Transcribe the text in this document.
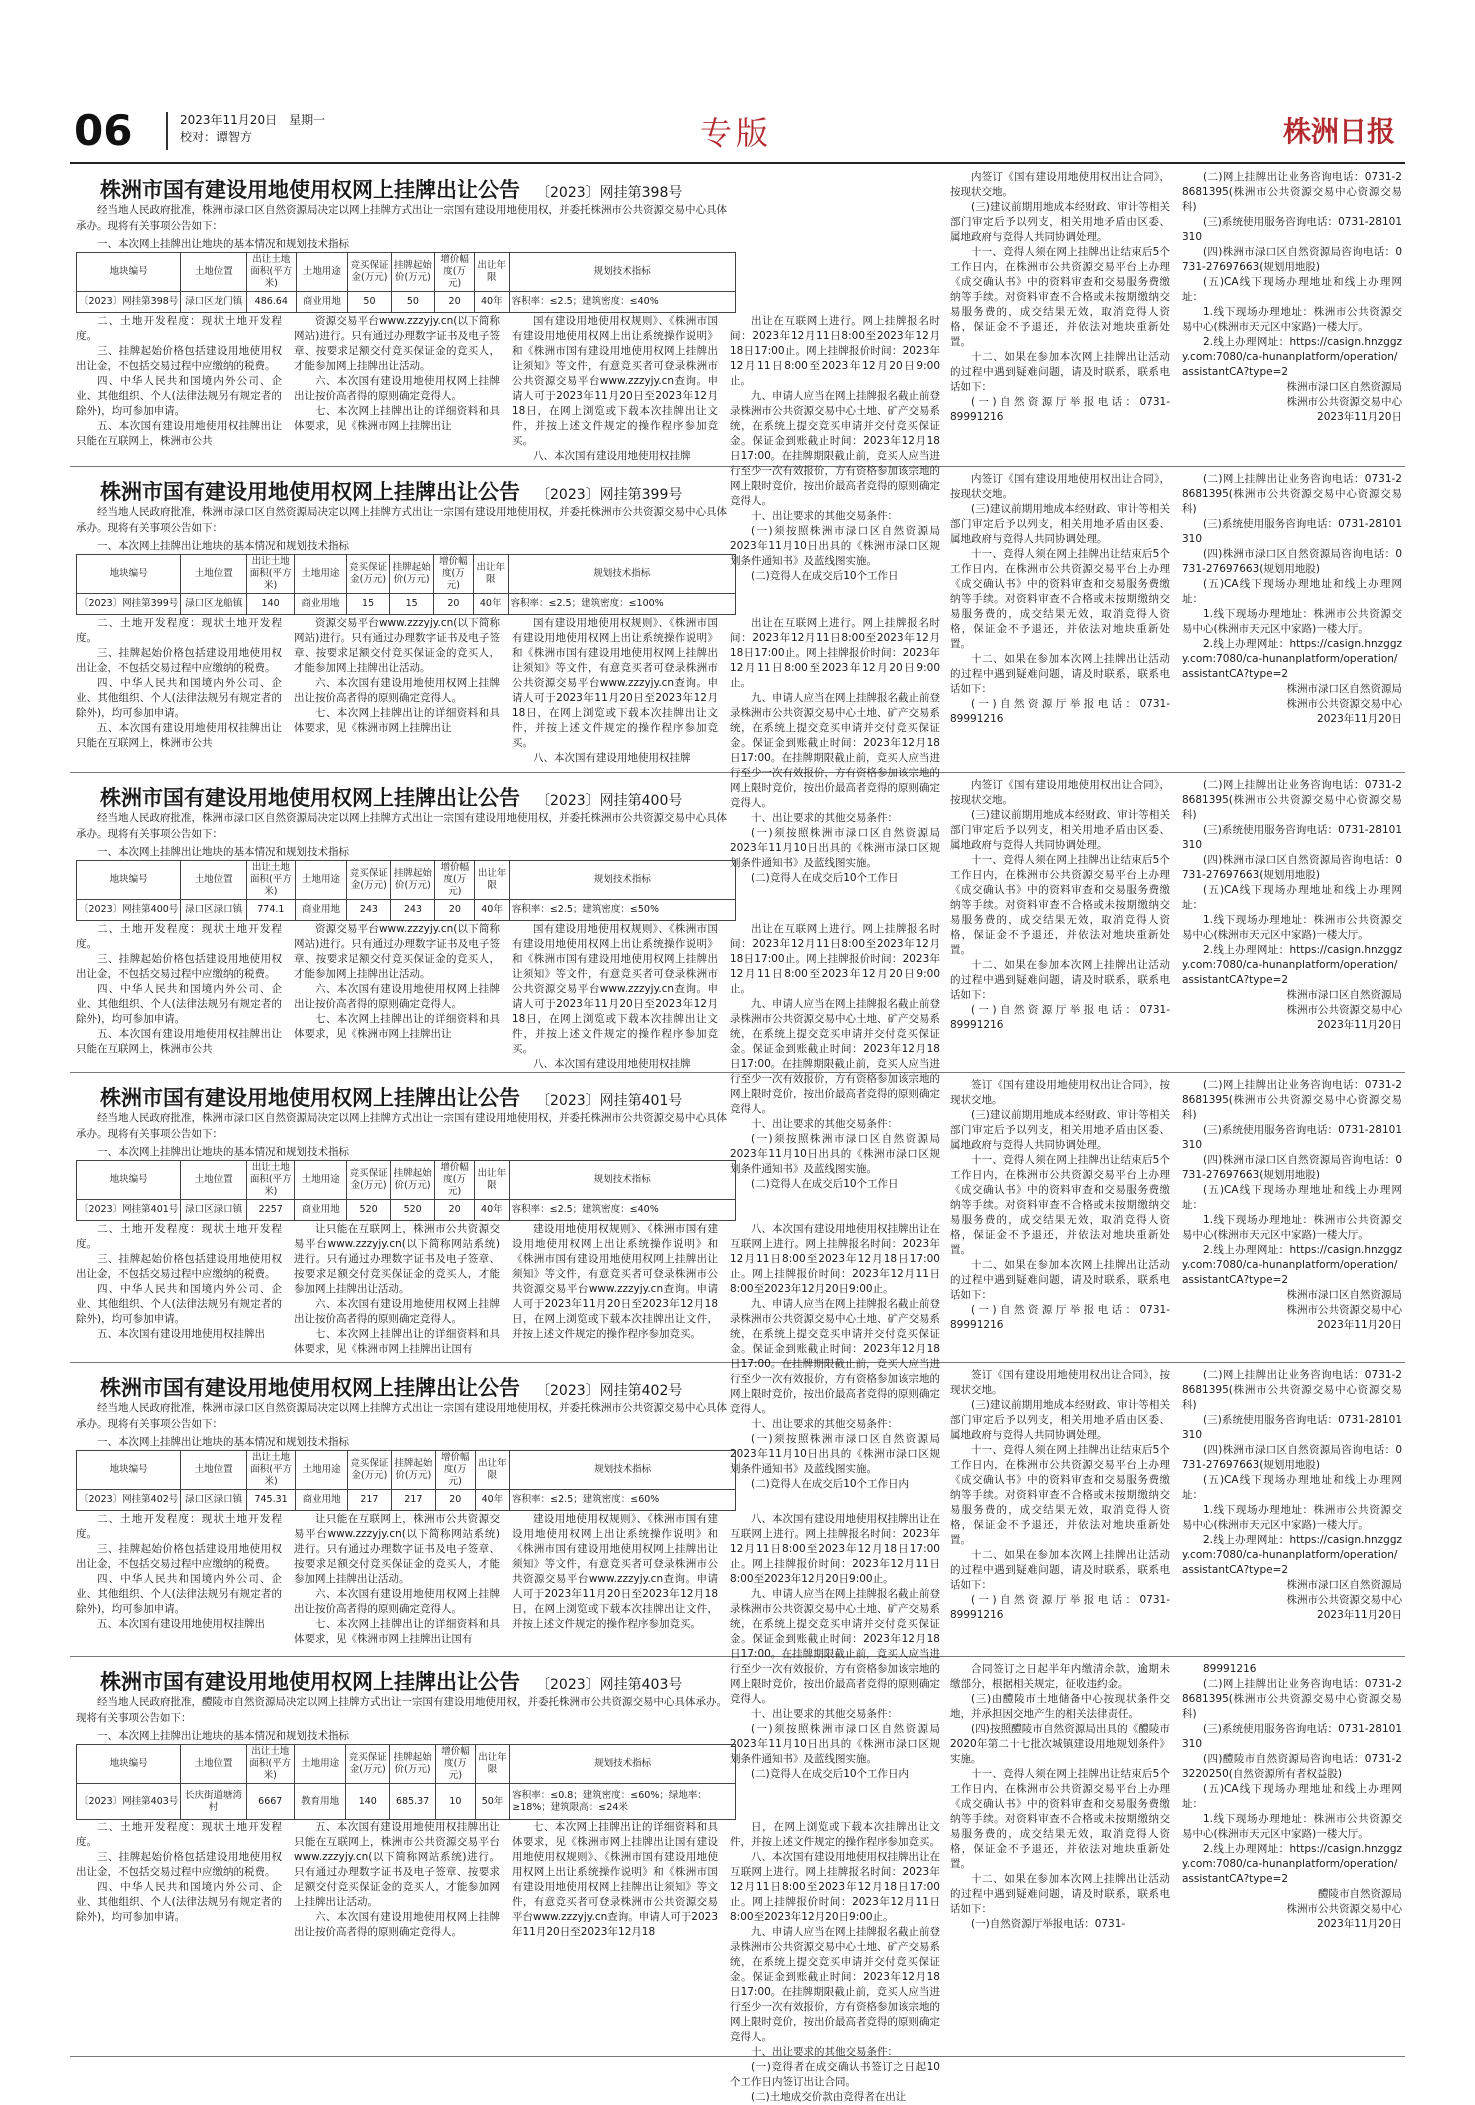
06	2023年11月20日　星期一
校对：谭智方	专版	株洲日报
株洲市国有建设用地使用权网上挂牌出让公告 〔2023〕网挂第398号
经当地人民政府批准，株洲市渌口区自然资源局决定以网上挂牌方式出让一宗国有建设用地使用权，并委托株洲市公共资源交易中心具体承办。现将有关事项公告如下：
一、本次网上挂牌出让地块的基本情况和规划技术指标
地块编号	土地位置	出让土地面积(平方米)	土地用途	竞买保证金(万元)	挂牌起始价(万元)	增价幅度(万元)	出让年限	规划技术指标
〔2023〕网挂第398号	渌口区龙门镇	486.64	商业用地	50	50	20	40年	容积率：≤2.5；建筑密度：≤40%
二、土地开发程度：现状土地开发程度。
三、挂牌起始价格包括建设用地使用权出让金，不包括交易过程中应缴纳的税费。
四、中华人民共和国境内外公司、企业、其他组织、个人(法律法规另有规定者的除外)，均可参加申请。
五、本次国有建设用地使用权挂牌出让只能在互联网上，株洲市公共
资源交易平台www.zzzyjy.cn(以下简称网站)进行。只有通过办理数字证书及电子签章、按要求足额交付竞买保证金的竞买人，才能参加网上挂牌出让活动。
六、本次国有建设用地使用权网上挂牌出让按价高者得的原则确定竞得人。
七、本次网上挂牌出让的详细资料和具体要求，见《株洲市网上挂牌出让
国有建设用地使用权规则》、《株洲市国有建设用地使用权网上出让系统操作说明》和《株洲市国有建设用地使用权网上挂牌出让须知》等文件，有意竞买者可登录株洲市公共资源交易平台www.zzzyjy.cn查询。申请人可于2023年11月20日至2023年12月18日，在网上浏览或下载本次挂牌出让文件，并按上述文件规定的操作程序参加竞买。
八、本次国有建设用地使用权挂牌
出让在互联网上进行。网上挂牌报名时间：2023年12月11日8:00至2023年12月18日17:00止。网上挂牌报价时间：2023年12月11日8:00至2023年12月20日9:00止。
九、申请人应当在网上挂牌报名截止前登录株洲市公共资源交易中心土地、矿产交易系统，在系统上提交竞买申请并交付竞买保证金。保证金到账截止时间：2023年12月18日17:00。在挂牌期限截止前，竞买人应当进行至少一次有效报价，方有资格参加该宗地的网上限时竞价，按出价最高者竞得的原则确定竞得人。
十、出让要求的其他交易条件：
(一)须按照株洲市渌口区自然资源局2023年11月10日出具的《株洲市渌口区规划条件通知书》及蓝线图实施。
(二)竞得人在成交后10个工作日
内签订《国有建设用地使用权出让合同》，按现状交地。
(三)建议前期用地成本经财政、审计等相关部门审定后予以列支，相关用地矛盾由区委、属地政府与竞得人共同协调处理。
十一、竞得人须在网上挂牌出让结束后5个工作日内，在株洲市公共资源交易平台上办理《成交确认书》中的资料审查和交易服务费缴纳等手续。对资料审查不合格或未按期缴纳交易服务费的，成交结果无效，取消竞得人资格，保证金不予退还，并依法对地块重新处置。
十二、如果在参加本次网上挂牌出让活动的过程中遇到疑难问题，请及时联系，联系电话如下：
(一)自然资源厅举报电话：0731-89991216
(二)网上挂牌出让业务咨询电话：0731-28681395(株洲市公共资源交易中心资源交易科)
(三)系统使用服务咨询电话：0731-28101310
(四)株洲市渌口区自然资源局咨询电话：0731-27697663(规划用地股)
(五)CA线下现场办理地址和线上办理网址：
1.线下现场办理地址：株洲市公共资源交易中心(株洲市天元区中家路)一楼大厅。
2.线上办理网址：https://casign.hnzggzy.com:7080/ca-hunanplatform/operation/assistantCA?type=2
株洲市渌口区自然资源局
株洲市公共资源交易中心
2023年11月20日
株洲市国有建设用地使用权网上挂牌出让公告 〔2023〕网挂第399号
经当地人民政府批准，株洲市渌口区自然资源局决定以网上挂牌方式出让一宗国有建设用地使用权，并委托株洲市公共资源交易中心具体承办。现将有关事项公告如下：
一、本次网上挂牌出让地块的基本情况和规划技术指标
地块编号	土地位置	出让土地面积(平方米)	土地用途	竞买保证金(万元)	挂牌起始价(万元)	增价幅度(万元)	出让年限	规划技术指标
〔2023〕网挂第399号	渌口区龙船镇	140	商业用地	15	15	20	40年	容积率：≤2.5；建筑密度：≤100%
二、土地开发程度：现状土地开发程度。
三、挂牌起始价格包括建设用地使用权出让金，不包括交易过程中应缴纳的税费。
四、中华人民共和国境内外公司、企业、其他组织、个人(法律法规另有规定者的除外)，均可参加申请。
五、本次国有建设用地使用权挂牌出让只能在互联网上，株洲市公共
资源交易平台www.zzzyjy.cn(以下简称网站)进行。只有通过办理数字证书及电子签章、按要求足额交付竞买保证金的竞买人，才能参加网上挂牌出让活动。
六、本次国有建设用地使用权网上挂牌出让按价高者得的原则确定竞得人。
七、本次网上挂牌出让的详细资料和具体要求，见《株洲市网上挂牌出让
国有建设用地使用权规则》、《株洲市国有建设用地使用权网上出让系统操作说明》和《株洲市国有建设用地使用权网上挂牌出让须知》等文件，有意竞买者可登录株洲市公共资源交易平台www.zzzyjy.cn查询。申请人可于2023年11月20日至2023年12月18日，在网上浏览或下载本次挂牌出让文件，并按上述文件规定的操作程序参加竞买。
八、本次国有建设用地使用权挂牌
出让在互联网上进行。网上挂牌报名时间：2023年12月11日8:00至2023年12月18日17:00止。网上挂牌报价时间：2023年12月11日8:00至2023年12月20日9:00止。
九、申请人应当在网上挂牌报名截止前登录株洲市公共资源交易中心土地、矿产交易系统，在系统上提交竞买申请并交付竞买保证金。保证金到账截止时间：2023年12月18日17:00。在挂牌期限截止前，竞买人应当进行至少一次有效报价，方有资格参加该宗地的网上限时竞价，按出价最高者竞得的原则确定竞得人。
十、出让要求的其他交易条件：
(一)须按照株洲市渌口区自然资源局2023年11月10日出具的《株洲市渌口区规划条件通知书》及蓝线图实施。
(二)竞得人在成交后10个工作日
内签订《国有建设用地使用权出让合同》，按现状交地。
(三)建议前期用地成本经财政、审计等相关部门审定后予以列支，相关用地矛盾由区委、属地政府与竞得人共同协调处理。
十一、竞得人须在网上挂牌出让结束后5个工作日内，在株洲市公共资源交易平台上办理《成交确认书》中的资料审查和交易服务费缴纳等手续。对资料审查不合格或未按期缴纳交易服务费的，成交结果无效，取消竞得人资格，保证金不予退还，并依法对地块重新处置。
十二、如果在参加本次网上挂牌出让活动的过程中遇到疑难问题，请及时联系，联系电话如下：
(一)自然资源厅举报电话：0731-89991216
(二)网上挂牌出让业务咨询电话：0731-28681395(株洲市公共资源交易中心资源交易科)
(三)系统使用服务咨询电话：0731-28101310
(四)株洲市渌口区自然资源局咨询电话：0731-27697663(规划用地股)
(五)CA线下现场办理地址和线上办理网址：
1.线下现场办理地址：株洲市公共资源交易中心(株洲市天元区中家路)一楼大厅。
2.线上办理网址：https://casign.hnzggzy.com:7080/ca-hunanplatform/operation/assistantCA?type=2
株洲市渌口区自然资源局
株洲市公共资源交易中心
2023年11月20日
株洲市国有建设用地使用权网上挂牌出让公告 〔2023〕网挂第400号
经当地人民政府批准，株洲市渌口区自然资源局决定以网上挂牌方式出让一宗国有建设用地使用权，并委托株洲市公共资源交易中心具体承办。现将有关事项公告如下：
一、本次网上挂牌出让地块的基本情况和规划技术指标
地块编号	土地位置	出让土地面积(平方米)	土地用途	竞买保证金(万元)	挂牌起始价(万元)	增价幅度(万元)	出让年限	规划技术指标
〔2023〕网挂第400号	渌口区渌口镇	774.1	商业用地	243	243	20	40年	容积率：≤2.5；建筑密度：≤50%
二、土地开发程度：现状土地开发程度。
三、挂牌起始价格包括建设用地使用权出让金，不包括交易过程中应缴纳的税费。
四、中华人民共和国境内外公司、企业、其他组织、个人(法律法规另有规定者的除外)，均可参加申请。
五、本次国有建设用地使用权挂牌出让只能在互联网上，株洲市公共
资源交易平台www.zzzyjy.cn(以下简称网站)进行。只有通过办理数字证书及电子签章、按要求足额交付竞买保证金的竞买人，才能参加网上挂牌出让活动。
六、本次国有建设用地使用权网上挂牌出让按价高者得的原则确定竞得人。
七、本次网上挂牌出让的详细资料和具体要求，见《株洲市网上挂牌出让
国有建设用地使用权规则》、《株洲市国有建设用地使用权网上出让系统操作说明》和《株洲市国有建设用地使用权网上挂牌出让须知》等文件，有意竞买者可登录株洲市公共资源交易平台www.zzzyjy.cn查询。申请人可于2023年11月20日至2023年12月18日，在网上浏览或下载本次挂牌出让文件，并按上述文件规定的操作程序参加竞买。
八、本次国有建设用地使用权挂牌
出让在互联网上进行。网上挂牌报名时间：2023年12月11日8:00至2023年12月18日17:00止。网上挂牌报价时间：2023年12月11日8:00至2023年12月20日9:00止。
九、申请人应当在网上挂牌报名截止前登录株洲市公共资源交易中心土地、矿产交易系统，在系统上提交竞买申请并交付竞买保证金。保证金到账截止时间：2023年12月18日17:00。在挂牌期限截止前，竞买人应当进行至少一次有效报价，方有资格参加该宗地的网上限时竞价，按出价最高者竞得的原则确定竞得人。
十、出让要求的其他交易条件：
(一)须按照株洲市渌口区自然资源局2023年11月10日出具的《株洲市渌口区规划条件通知书》及蓝线图实施。
(二)竞得人在成交后10个工作日
内签订《国有建设用地使用权出让合同》，按现状交地。
(三)建议前期用地成本经财政、审计等相关部门审定后予以列支，相关用地矛盾由区委、属地政府与竞得人共同协调处理。
十一、竞得人须在网上挂牌出让结束后5个工作日内，在株洲市公共资源交易平台上办理《成交确认书》中的资料审查和交易服务费缴纳等手续。对资料审查不合格或未按期缴纳交易服务费的，成交结果无效，取消竞得人资格，保证金不予退还，并依法对地块重新处置。
十二、如果在参加本次网上挂牌出让活动的过程中遇到疑难问题，请及时联系，联系电话如下：
(一)自然资源厅举报电话：0731-89991216
(二)网上挂牌出让业务咨询电话：0731-28681395(株洲市公共资源交易中心资源交易科)
(三)系统使用服务咨询电话：0731-28101310
(四)株洲市渌口区自然资源局咨询电话：0731-27697663(规划用地股)
(五)CA线下现场办理地址和线上办理网址：
1.线下现场办理地址：株洲市公共资源交易中心(株洲市天元区中家路)一楼大厅。
2.线上办理网址：https://casign.hnzggzy.com:7080/ca-hunanplatform/operation/assistantCA?type=2
株洲市渌口区自然资源局
株洲市公共资源交易中心
2023年11月20日
株洲市国有建设用地使用权网上挂牌出让公告 〔2023〕网挂第401号
经当地人民政府批准，株洲市渌口区自然资源局决定以网上挂牌方式出让一宗国有建设用地使用权，并委托株洲市公共资源交易中心具体承办。现将有关事项公告如下：
一、本次网上挂牌出让地块的基本情况和规划技术指标
地块编号	土地位置	出让土地面积(平方米)	土地用途	竞买保证金(万元)	挂牌起始价(万元)	增价幅度(万元)	出让年限	规划技术指标
〔2023〕网挂第401号	渌口区渌口镇	2257	商业用地	520	520	20	40年	容积率：≤2.5；建筑密度：≤40%
二、土地开发程度：现状土地开发程度。
三、挂牌起始价格包括建设用地使用权出让金，不包括交易过程中应缴纳的税费。
四、中华人民共和国境内外公司、企业、其他组织、个人(法律法规另有规定者的除外)，均可参加申请。
五、本次国有建设用地使用权挂牌出
让只能在互联网上，株洲市公共资源交易平台www.zzzyjy.cn(以下简称网站系统)进行。只有通过办理数字证书及电子签章、按要求足额交付竞买保证金的竞买人，才能参加网上挂牌出让活动。
六、本次国有建设用地使用权网上挂牌出让按价高者得的原则确定竞得人。
七、本次网上挂牌出让的详细资料和具体要求，见《株洲市网上挂牌出让国有
建设用地使用权规则》、《株洲市国有建设用地使用权网上出让系统操作说明》和《株洲市国有建设用地使用权网上挂牌出让须知》等文件，有意竞买者可登录株洲市公共资源交易平台www.zzzyjy.cn查询。申请人可于2023年11月20日至2023年12月18日，在网上浏览或下载本次挂牌出让文件，并按上述文件规定的操作程序参加竞买。
八、本次国有建设用地使用权挂牌出让在互联网上进行。网上挂牌报名时间：2023年12月11日8:00至2023年12月18日17:00止。网上挂牌报价时间：2023年12月11日8:00至2023年12月20日9:00止。
九、申请人应当在网上挂牌报名截止前登录株洲市公共资源交易中心土地、矿产交易系统，在系统上提交竞买申请并交付竞买保证金。保证金到账截止时间：2023年12月18日17:00。在挂牌期限截止前，竞买人应当进行至少一次有效报价，方有资格参加该宗地的网上限时竞价，按出价最高者竞得的原则确定竞得人。
十、出让要求的其他交易条件：
(一)须按照株洲市渌口区自然资源局2023年11月10日出具的《株洲市渌口区规划条件通知书》及蓝线图实施。
(二)竞得人在成交后10个工作日内
签订《国有建设用地使用权出让合同》，按现状交地。
(三)建议前期用地成本经财政、审计等相关部门审定后予以列支，相关用地矛盾由区委、属地政府与竞得人共同协调处理。
十一、竞得人须在网上挂牌出让结束后5个工作日内，在株洲市公共资源交易平台上办理《成交确认书》中的资料审查和交易服务费缴纳等手续。对资料审查不合格或未按期缴纳交易服务费的，成交结果无效，取消竞得人资格，保证金不予退还，并依法对地块重新处置。
十二、如果在参加本次网上挂牌出让活动的过程中遇到疑难问题，请及时联系，联系电话如下：
(一)自然资源厅举报电话：0731-89991216
(二)网上挂牌出让业务咨询电话：0731-28681395(株洲市公共资源交易中心资源交易科)
(三)系统使用服务咨询电话：0731-28101310
(四)株洲市渌口区自然资源局咨询电话：0731-27697663(规划用地股)
(五)CA线下现场办理地址和线上办理网址：
1.线下现场办理地址：株洲市公共资源交易中心(株洲市天元区中家路)一楼大厅。
2.线上办理网址：https://casign.hnzggzy.com:7080/ca-hunanplatform/operation/assistantCA?type=2
株洲市渌口区自然资源局
株洲市公共资源交易中心
2023年11月20日
株洲市国有建设用地使用权网上挂牌出让公告 〔2023〕网挂第402号
经当地人民政府批准，株洲市渌口区自然资源局决定以网上挂牌方式出让一宗国有建设用地使用权，并委托株洲市公共资源交易中心具体承办。现将有关事项公告如下：
一、本次网上挂牌出让地块的基本情况和规划技术指标
地块编号	土地位置	出让土地面积(平方米)	土地用途	竞买保证金(万元)	挂牌起始价(万元)	增价幅度(万元)	出让年限	规划技术指标
〔2023〕网挂第402号	渌口区渌口镇	745.31	商业用地	217	217	20	40年	容积率：≤2.5；建筑密度：≤60%
二、土地开发程度：现状土地开发程度。
三、挂牌起始价格包括建设用地使用权出让金，不包括交易过程中应缴纳的税费。
四、中华人民共和国境内外公司、企业、其他组织、个人(法律法规另有规定者的除外)，均可参加申请。
五、本次国有建设用地使用权挂牌出
让只能在互联网上，株洲市公共资源交易平台www.zzzyjy.cn(以下简称网站系统)进行。只有通过办理数字证书及电子签章、按要求足额交付竞买保证金的竞买人，才能参加网上挂牌出让活动。
六、本次国有建设用地使用权网上挂牌出让按价高者得的原则确定竞得人。
七、本次网上挂牌出让的详细资料和具体要求，见《株洲市网上挂牌出让国有
建设用地使用权规则》、《株洲市国有建设用地使用权网上出让系统操作说明》和《株洲市国有建设用地使用权网上挂牌出让须知》等文件，有意竞买者可登录株洲市公共资源交易平台www.zzzyjy.cn查询。申请人可于2023年11月20日至2023年12月18日，在网上浏览或下载本次挂牌出让文件，并按上述文件规定的操作程序参加竞买。
八、本次国有建设用地使用权挂牌出让在互联网上进行。网上挂牌报名时间：2023年12月11日8:00至2023年12月18日17:00止。网上挂牌报价时间：2023年12月11日8:00至2023年12月20日9:00止。
九、申请人应当在网上挂牌报名截止前登录株洲市公共资源交易中心土地、矿产交易系统，在系统上提交竞买申请并交付竞买保证金。保证金到账截止时间：2023年12月18日17:00。在挂牌期限截止前，竞买人应当进行至少一次有效报价，方有资格参加该宗地的网上限时竞价，按出价最高者竞得的原则确定竞得人。
十、出让要求的其他交易条件：
(一)须按照株洲市渌口区自然资源局2023年11月10日出具的《株洲市渌口区规划条件通知书》及蓝线图实施。
(二)竞得人在成交后10个工作日内
签订《国有建设用地使用权出让合同》，按现状交地。
(三)建议前期用地成本经财政、审计等相关部门审定后予以列支，相关用地矛盾由区委、属地政府与竞得人共同协调处理。
十一、竞得人须在网上挂牌出让结束后5个工作日内，在株洲市公共资源交易平台上办理《成交确认书》中的资料审查和交易服务费缴纳等手续。对资料审查不合格或未按期缴纳交易服务费的，成交结果无效，取消竞得人资格，保证金不予退还，并依法对地块重新处置。
十二、如果在参加本次网上挂牌出让活动的过程中遇到疑难问题，请及时联系，联系电话如下：
(一)自然资源厅举报电话：0731-89991216
(二)网上挂牌出让业务咨询电话：0731-28681395(株洲市公共资源交易中心资源交易科)
(三)系统使用服务咨询电话：0731-28101310
(四)株洲市渌口区自然资源局咨询电话：0731-27697663(规划用地股)
(五)CA线下现场办理地址和线上办理网址：
1.线下现场办理地址：株洲市公共资源交易中心(株洲市天元区中家路)一楼大厅。
2.线上办理网址：https://casign.hnzggzy.com:7080/ca-hunanplatform/operation/assistantCA?type=2
株洲市渌口区自然资源局
株洲市公共资源交易中心
2023年11月20日
株洲市国有建设用地使用权网上挂牌出让公告 〔2023〕网挂第403号
经当地人民政府批准，醴陵市自然资源局决定以网上挂牌方式出让一宗国有建设用地使用权，并委托株洲市公共资源交易中心具体承办。现将有关事项公告如下：
一、本次网上挂牌出让地块的基本情况和规划技术指标
地块编号	土地位置	出让土地面积(平方米)	土地用途	竞买保证金(万元)	挂牌起始价(万元)	增价幅度(万元)	出让年限	规划技术指标
〔2023〕网挂第403号	长庆街道塘湾村	6667	教育用地	140	685.37	10	50年	容积率：≤0.8；建筑密度：≤60%；绿地率：≥18%；建筑限高：≤24米
二、土地开发程度：现状土地开发程度。
三、挂牌起始价格包括建设用地使用权出让金，不包括交易过程中应缴纳的税费。
四、中华人民共和国境内外公司、企业、其他组织、个人(法律法规另有规定者的除外)，均可参加申请。
五、本次国有建设用地使用权挂牌出让只能在互联网上，株洲市公共资源交易平台www.zzzyjy.cn(以下简称网站系统)进行。只有通过办理数字证书及电子签章、按要求足额交付竞买保证金的竞买人，才能参加网上挂牌出让活动。
六、本次国有建设用地使用权网上挂牌出让按价高者得的原则确定竞得人。
七、本次网上挂牌出让的详细资料和具体要求，见《株洲市网上挂牌出让国有建设用地使用权规则》、《株洲市国有建设用地使用权网上出让系统操作说明》和《株洲市国有建设用地使用权网上挂牌出让须知》等文件，有意竞买者可登录株洲市公共资源交易平台www.zzzyjy.cn查询。申请人可于2023年11月20日至2023年12月18
日，在网上浏览或下载本次挂牌出让文件，并按上述文件规定的操作程序参加竞买。
八、本次国有建设用地使用权挂牌出让在互联网上进行。网上挂牌报名时间：2023年12月11日8:00至2023年12月18日17:00止。网上挂牌报价时间：2023年12月11日8:00至2023年12月20日9:00止。
九、申请人应当在网上挂牌报名截止前登录株洲市公共资源交易中心土地、矿产交易系统，在系统上提交竞买申请并交付竞买保证金。保证金到账截止时间：2023年12月18日17:00。在挂牌期限截止前，竞买人应当进行至少一次有效报价，方有资格参加该宗地的网上限时竞价，按出价最高者竞得的原则确定竞得人。
十、出让要求的其他交易条件：
(一)竞得者在成交确认书签订之日起10个工作日内签订出让合同。
(二)土地成交价款由竞得者在出让
合同签订之日起半年内缴清余款，逾期未缴部分，根据相关规定，征收违约金。
(三)由醴陵市土地储备中心按现状条件交地，并承担因交地产生的相关法律责任。
(四)按照醴陵市自然资源局出具的《醴陵市2020年第二十七批次城镇建设用地规划条件》实施。
十一、竞得人须在网上挂牌出让结束后5个工作日内，在株洲市公共资源交易平台上办理《成交确认书》中的资料审查和交易服务费缴纳等手续。对资料审查不合格或未按期缴纳交易服务费的，成交结果无效，取消竞得人资格，保证金不予退还，并依法对地块重新处置。
十二、如果在参加本次网上挂牌出让活动的过程中遇到疑难问题，请及时联系，联系电话如下：
(一)自然资源厅举报电话：0731-
89991216
(二)网上挂牌出让业务咨询电话：0731-28681395(株洲市公共资源交易中心资源交易科)
(三)系统使用服务咨询电话：0731-28101310
(四)醴陵市自然资源局咨询电话：0731-23220250(自然资源所有者权益股)
(五)CA线下现场办理地址和线上办理网址：
1.线下现场办理地址：株洲市公共资源交易中心(株洲市天元区中家路)一楼大厅。
2.线上办理网址：https://casign.hnzggzy.com:7080/ca-hunanplatform/operation/assistantCA?type=2
醴陵市自然资源局
株洲市公共资源交易中心
2023年11月20日
